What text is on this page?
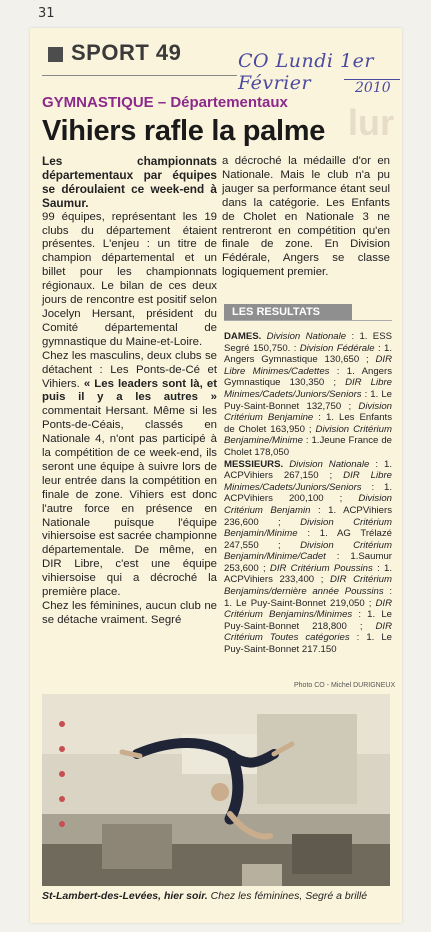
31
SPORT 49	CO Lundi 1er Février	2010
lur
GYMNASTIQUE – Départementaux
Vihiers rafle la palme

Les championnats départementaux par équipes se déroulaient ce week-end à Saumur.

99 équipes, représentant les 19 clubs du département étaient présentes. L'enjeu : un titre de champion départemental et un billet pour les championnats régionaux. Le bilan de ces deux jours de rencontre est positif selon Jocelyn Hersant, président du Comité départemental de gymnastique du Maine-et-Loire.

Chez les masculins, deux clubs se détachent : Les Ponts-de-Cé et Vihiers. « Les leaders sont là, et puis il y a les autres » commentait Hersant. Même si les Ponts-de-Céais, classés en Nationale 4, n'ont pas participé à la compétition de ce week-end, ils seront une équipe à suivre lors de leur entrée dans la compétition en finale de zone. Vihiers est donc l'autre force en présence en Nationale puisque l'équipe vihiersoise est sacrée championne départementale. De même, en DIR Libre, c'est une équipe vihiersoise qui a décroché la première place.

Chez les féminines, aucun club ne se détache vraiment. Segré

a décroché la médaille d'or en Nationale. Mais le club n'a pu jauger sa performance étant seul dans la catégorie. Les Enfants de Cholet en Nationale 3 ne rentreront en compétition qu'en finale de zone. En Division Fédérale, Angers se classe logiquement premier.

LES RESULTATS

DAMES. Division Nationale : 1. ESS Segré 150,750. : Division Fédérale : 1. Angers Gymnastique 130,650 ; DIR Libre Minimes/Cadettes : 1. Angers Gymnastique 130,350 ; DIR Libre Minimes/Cadets/Juniors/Seniors : 1. Le Puy-Saint-Bonnet 132,750 ; Division Critérium Benjamine : 1. Les Enfants de Cholet 163,950 ; Division Critérium Benjamine/Minime : 1.Jeune France de Cholet 178,050

MESSIEURS. Division Nationale : 1. ACPVihiers 267,150 ; DIR Libre Minimes/Cadets/Juniors/Seniors : 1. ACPVihiers 200,100 ; Division Critérium Benjamin : 1. ACPVihiers 236,600 ; Division Critérium Benjamin/Minime : 1. AG Trélazé 247,550 ; Division Critérium Benjamin/Minime/Cadet : 1.Saumur 253,600 ; DIR Critérium Poussins : 1. ACPVihiers 233,400 ; DIR Critérium Benjamins/dernière année Poussins : 1. Le Puy-Saint-Bonnet 219,050 ; DIR Critérium Benjamins/Minimes : 1. Le Puy-Saint-Bonnet 218,800 ; DIR Critérium Toutes catégories : 1. Le Puy-Saint-Bonnet 217.150

Photo CO - Michel DURIGNEUX
St-Lambert-des-Levées, hier soir. Chez les féminines, Segré a brillé
